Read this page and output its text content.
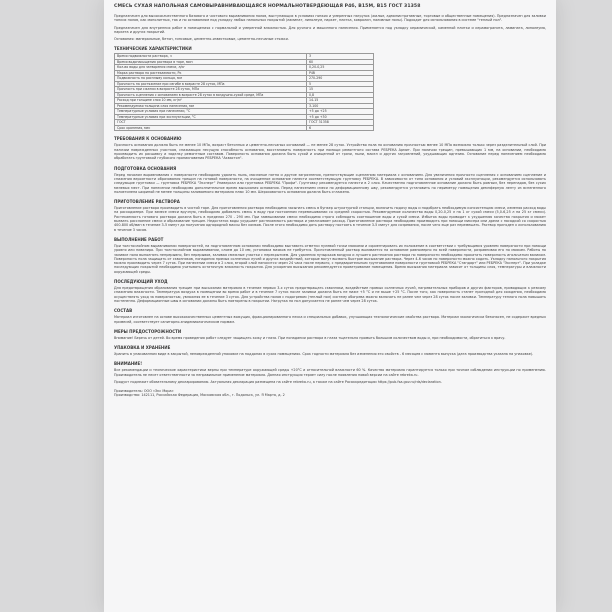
СМЕСЬ СУХАЯ НАПОЛЬНАЯ САМОВЫРАВНИВАЮЩАЯСЯ НОРМАЛЬНОТВЕРДЕЮЩАЯ Р4б, В15М, В15 ГОСТ 31358

Предназначен для высококачественного базового и чистового выравнивания полов, выступающих в условиях низких и умеренных нагрузок (жилые, административные, торговые и общественные помещения). Предназначен для заливки тонких полов, как монолитных, так и по основаниям под укладку любых напольных покрытий (ламинат, линолеум, паркет, плитка, ковролин, наливные полы). Подходит для использования в системе "теплый пол".

Предназначен для внутренних работ в помещениях с нормальной и умеренной влажностью. Для ручного и машинного нанесения. Применяется под укладку керамической, каменной плитки и керамогранита, ламината, линолеума, паркета и других покрытий.

Основания: минеральные, бетон, гипсовые, цементно-известковые, цементно-песчаные стяжки.

ТЕХНИЧЕСКИЕ ХАРАКТЕРИСТИКИ
Время подвижности раствора, ч	3
Время водонасыщения раствора в таре, мин	60
Кол-во воды для затворения смеси, л/кг	0,20-0,25
Марка раствора по растекаемости, Рк	Р4б
Подвижность по расплыву кольца, мм	270-290
Прочность на растяжение при изгибе в возрасте 28 суток, МПа	5
Прочность при сжатии в возрасте 28 суток, МПа	15
Прочность сцепления с основанием в возрасте 28 суток в воздушно-сухой среде, МПа	0,8
Расход при толщине слоя 10 мм, кг/м²	14-15
Рекомендуемая толщина слоя нанесения, мм	3-100
Температурные условия при нанесении, °С	+5 до +25
Температурные условия при эксплуатации, °С	+5 до +30
ГОСТ	ГОСТ 31358
Срок хранения, мес	6
ТРЕБОВАНИЯ К ОСНОВАНИЮ

Прочность основания должна быть не менее 10 МПа, возраст бетонных и цементно-песчаных оснований — не менее 28 суток. Устройство пола по основанию прочностью менее 10 МПа возможно только через разделительный слой. При наличии поврежденных участков, снижающих несущую способность основания, восстановить поверхность при помощи ремонтного состава РЕБРЕКА Армит. При наличии трещин, превышающих 1 мм, на основании, необходимо производить их расшивку и заделку ремонтным составом. Поверхность основания должна быть сухой и очищенной от грязи, пыли, масел и других загрязнений, ухудшающих адгезию. Основание перед нанесением необходимо обработать грунтовкой глубокого проникновения РЕБРЕКА "Аквастоп".

ПОДГОТОВКА ОСНОВАНИЯ

Перед началом выравнивания с поверхности необходимо удалить пыль, масляные пятна и другие загрязнения, препятствующие сцеплению материала с основанием. Для увеличения прочности сцепления с основанием сцепление и снижения вероятности образования трещин на готовой поверхности, на очищенное основание нанести соответствующую грунтовку РЕБРЕКА. В зависимости от типа основания и условий эксплуатации, рекомендуется использовать следующие грунтовки — грунтовка РЕБРЕКА "Эксперт" Универсал или грунтовка РЕБРЕКА "Профи". Грунтовку рекомендуется нанести в 2 слоя. Качественно подготовленное основание должно быть ровным, без перепадов, без сухих мелевых мест. При нанесении необходимо дополнительное время высыхания основания. Перед нанесением смеси по деформационному шву, рекомендуется установить по периметру помещения демпферную ленту из вспененного полиэтилена шириной не менее толщины заливаемого материала плюс 10 мм. Шероховатость основания должна быть сглажена.

ПРИГОТОВЛЕНИЕ РАСТВОРА

Приготовление раствора производить в чистой таре. Для приготовления раствора необходимо засыпать смесь в бункер штукатурной станции, включить подачу воды и подобрать необходимую консистенцию смеси, изменяя расход воды на расходомере. При замесе смеси вручную, необходимо добавлять смесь в воду при постоянном перемешивании со средней скоростью. Рекомендуемое количество воды 0,20-0,25 л на 1 кг сухой смеси (5,0-6,25 л на 25 кг смеси). Растекаемость готового раствора должна быть в пределах 270 - 290 мм. При замешивании смеси необходимо строго соблюдать соотношение воды и сухой смеси. Избыток воды приводит к ухудшению качества покрытия и может вызвать расслоение смеси и образование трещин. Недостаток воды ухудшает растекаемость раствора и увеличивает расход. Приготовление раствора необходимо производить при помощи миксера или дрели с насадкой со скоростью 400-800 об/мин в течение 3-5 минут до получения однородной массы без комков. После этого необходимо дать раствору постоять в течение 3-5 минут для созревания, после чего еще раз перемешать. Раствор пригоден к использованию в течение 3 часов.

ВЫПОЛНЕНИЕ РАБОТ

При толстослойном выравнивании поверхностей, на подготовленном основании необходимо выставить отметки нулевой точки маяками и сориентировать их положение в соответствии с требующимся уровнем поверхности при помощи уровня или нивелира. При толстослойном выравнивании, слоем до 10 мм, установка маяков не требуется. Приготовленный раствор выливается на основание равномерно по всей поверхности, разравнивая его по маякам. Работы по заливке пола выполнять непрерывно, без перерывов, заливая смежные участки с перекрытием. Для удаления пузырьков воздуха и лучшего растекания раствора по поверхности необходимо прокатать поверхность игольчатым валиком. Поверхность пола защищать от сквозняков, попадания прямых солнечных лучей и других воздействий, которые могут вызвать быстрое высыхание раствора. Через 4-6 часов по поверхности можно ходить. Укладку напольного покрытия можно производить через 7 суток. При нанесении смеси в 2 слоя, второй слой наносится через 24 часа после первого, с предварительным грунтованием поверхности грунтовкой РЕБРЕКА "Стандарт" или РЕБРЕКА "Эксперт". При укладке последующих покрытий необходимо учитывать остаточную влажность покрытия. Для ускорения высыхания рекомендуется проветривание помещения. Время высыхания материала зависит от толщины слоя, температуры и влажности окружающей среды.

ПОСЛЕДУЮЩИЙ УХОД

Для предотвращения образования трещин при высыхании материала в течение первых 3-х суток предотвращать сквозняки, воздействие прямых солнечных лучей, нагревательных приборов и других факторов, приводящих к резкому снижению влажности. Температура воздуха в помещении во время работ и в течение 7 суток после заливки должна быть не ниже +5 °С и не выше +25 °С. После того, как поверхность станет пригодной для хождения, необходимо осуществлять уход за поверхностью, увлажняя ее в течение 3 суток. Для устройства полов с подогревом (теплый пол) систему обогрева можно включать не ранее чем через 28 суток после заливки. Температуру теплого пола повышать постепенно. Деформационные швы в основании должны быть повторены в покрытии. Нагрузка на пол допускается не ранее чем через 28 суток.

СОСТАВ

Материал изготовлен на основе высококачественных цементных вяжущих, фракционированного песка и специальных добавок, улучшающих технологические свойства раствора. Материал экологически безопасен, не содержит вредных примесей, соответствует санитарно-эпидемиологическим нормам.

МЕРЫ ПРЕДОСТОРОЖНОСТИ

Внимание! Беречь от детей. Во время проведения работ следует защищать кожу и глаза. При попадании раствора в глаза тщательно промыть большим количеством воды и, при необходимости, обратиться к врачу.

УПАКОВКА И ХРАНЕНИЕ

Хранить в упакованном виде в закрытой, неповрежденной упаковке на поддонах в сухих помещениях. Срок годности материала без изменения его свойств - 6 месяцев с момента выпуска (дата производства указана на упаковке).

ВНИМАНИЕ!

Все рекомендации и технические характеристики верны при температуре окружающей среды +20°С и относительной влажности 60 %. Качество материала гарантируется только при точном соблюдении инструкции по применению. Производитель не несет ответственности за неправильное применение материала. Данная инструкция теряет силу после появления новой версии на сайте rebreka.ru.

Продукт подлежит обязательному декларированию. Актуальная декларация размещена на сайте rebreka.ru, а также на сайте Росаккредитации https://pub.fsa.gov.ru/rds/declaration.
Производитель: ООО «Экс Мора»
Производство: 142111, Российская Федерация, Московская обл., г. Подольск, ул. Я Марта, д. 2
